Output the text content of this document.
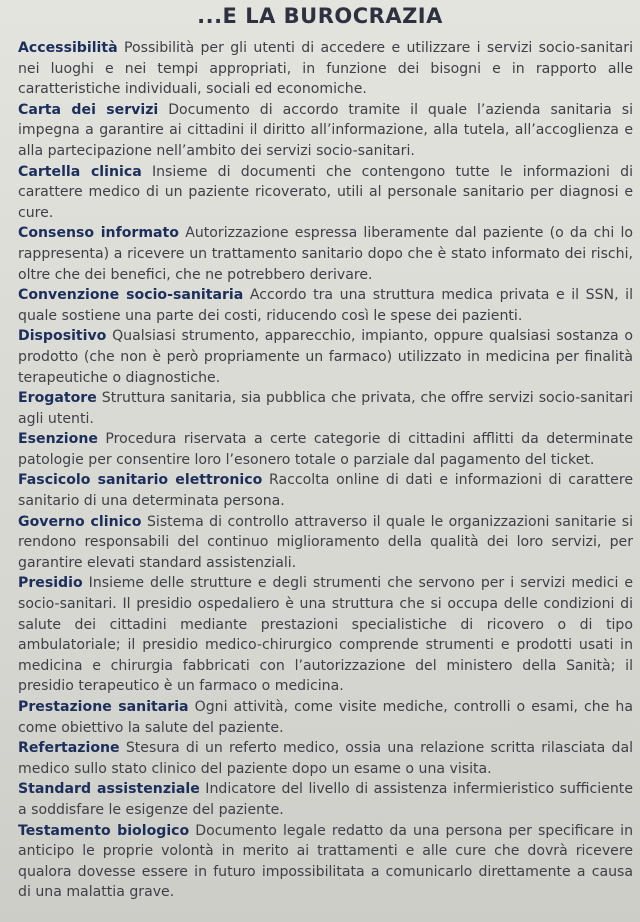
...E LA BUROCRAZIA

Accessibilità Possibilità per gli utenti di accedere e utilizzare i servizi socio-sanitari nei luoghi e nei tempi appropriati, in funzione dei bisogni e in rapporto alle caratteristiche individuali, sociali ed economiche.

Carta dei servizi Documento di accordo tramite il quale l’azienda sanitaria si impegna a garantire ai cittadini il diritto all’informazione, alla tutela, all’accoglienza e alla partecipazione nell’ambito dei servizi socio-sanitari.

Cartella clinica Insieme di documenti che contengono tutte le informazioni di carattere medico di un paziente ricoverato, utili al personale sanitario per diagnosi e cure.

Consenso informato Autorizzazione espressa liberamente dal paziente (o da chi lo rappresenta) a ricevere un trattamento sanitario dopo che è stato informato dei rischi, oltre che dei benefici, che ne potrebbero derivare.

Convenzione socio-sanitaria Accordo tra una struttura medica privata e il SSN, il quale sostiene una parte dei costi, riducendo così le spese dei pazienti.

Dispositivo Qualsiasi strumento, apparecchio, impianto, oppure qualsiasi sostanza o prodotto (che non è però propriamente un farmaco) utilizzato in medicina per finalità terapeutiche o diagnostiche.

Erogatore Struttura sanitaria, sia pubblica che privata, che offre servizi socio-sanitari agli utenti.

Esenzione Procedura riservata a certe categorie di cittadini afflitti da determinate patologie per consentire loro l’esonero totale o parziale dal pagamento del ticket.

Fascicolo sanitario elettronico Raccolta online di dati e informazioni di carattere sanitario di una determinata persona.

Governo clinico Sistema di controllo attraverso il quale le organizzazioni sanitarie si rendono responsabili del continuo miglioramento della qualità dei loro servizi, per garantire elevati standard assistenziali.

Presidio Insieme delle strutture e degli strumenti che servono per i servizi medici e socio-sanitari. Il presidio ospedaliero è una struttura che si occupa delle condizioni di salute dei cittadini mediante prestazioni specialistiche di ricovero o di tipo ambulatoriale; il presidio medico-chirurgico comprende strumenti e prodotti usati in medicina e chirurgia fabbricati con l’autorizzazione del ministero della Sanità; il presidio terapeutico è un farmaco o medicina.

Prestazione sanitaria Ogni attività, come visite mediche, controlli o esami, che ha come obiettivo la salute del paziente.

Refertazione Stesura di un referto medico, ossia una relazione scritta rilasciata dal medico sullo stato clinico del paziente dopo un esame o una visita.

Standard assistenziale Indicatore del livello di assistenza infermieristico sufficiente a soddisfare le esigenze del paziente.

Testamento biologico Documento legale redatto da una persona per specificare in anticipo le proprie volontà in merito ai trattamenti e alle cure che dovrà ricevere qualora dovesse essere in futuro impossibilitata a comunicarlo direttamente a causa di una malattia grave.
